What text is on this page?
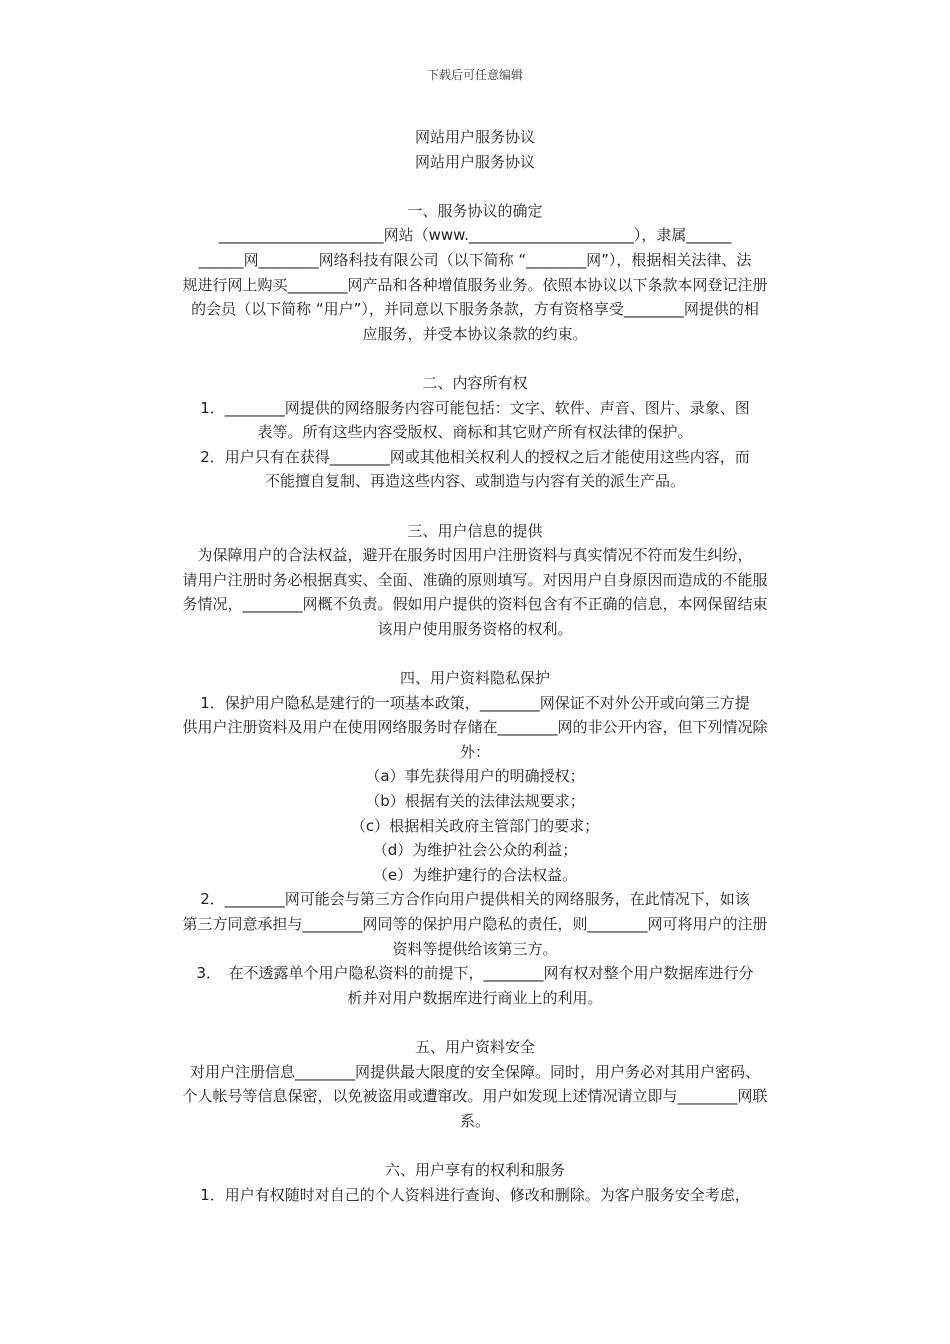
下载后可任意编辑

网站用户服务协议

网站用户服务协议

一、服务协议的确定

______________________网站（www.______________________），隶属______

______网________网络科技有限公司（以下简称 “________网”），根据相关法律、法

规进行网上购买________网产品和各种增值服务业务。依照本协议以下条款本网登记注册

的会员（以下简称 “用户”），并同意以下服务条款，方有资格享受________网提供的相

应服务，并受本协议条款的约束。

二、内容所有权

1．________网提供的网络服务内容可能包括：文字、软件、声音、图片、录象、图

表等。所有这些内容受版权、商标和其它财产所有权法律的保护。

2．用户只有在获得________网或其他相关权利人的授权之后才能使用这些内容，而

不能擅自复制、再造这些内容、或制造与内容有关的派生产品。

三、用户信息的提供

为保障用户的合法权益，避开在服务时因用户注册资料与真实情况不符而发生纠纷，

请用户注册时务必根据真实、全面、准确的原则填写。对因用户自身原因而造成的不能服

务情况，________网概不负责。假如用户提供的资料包含有不正确的信息，本网保留结束

该用户使用服务资格的权利。

四、用户资料隐私保护

1．保护用户隐私是建行的一项基本政策，________网保证不对外公开或向第三方提

供用户注册资料及用户在使用网络服务时存储在________网的非公开内容，但下列情况除

外：

（a）事先获得用户的明确授权；

（b）根据有关的法律法规要求；

（c）根据相关政府主管部门的要求；

（d）为维护社会公众的利益；

（e）为维护建行的合法权益。

2．________网可能会与第三方合作向用户提供相关的网络服务，在此情况下，如该

第三方同意承担与________网同等的保护用户隐私的责任，则________网可将用户的注册

资料等提供给该第三方。

3．　在不透露单个用户隐私资料的前提下，________网有权对整个用户数据库进行分

析并对用户数据库进行商业上的利用。

五、用户资料安全

对用户注册信息________网提供最大限度的安全保障。同时，用户务必对其用户密码、

个人帐号等信息保密，以免被盗用或遭窜改。用户如发现上述情况请立即与________网联

系。

六、用户享有的权利和服务

1．用户有权随时对自己的个人资料进行查询、修改和删除。为客户服务安全考虑，
